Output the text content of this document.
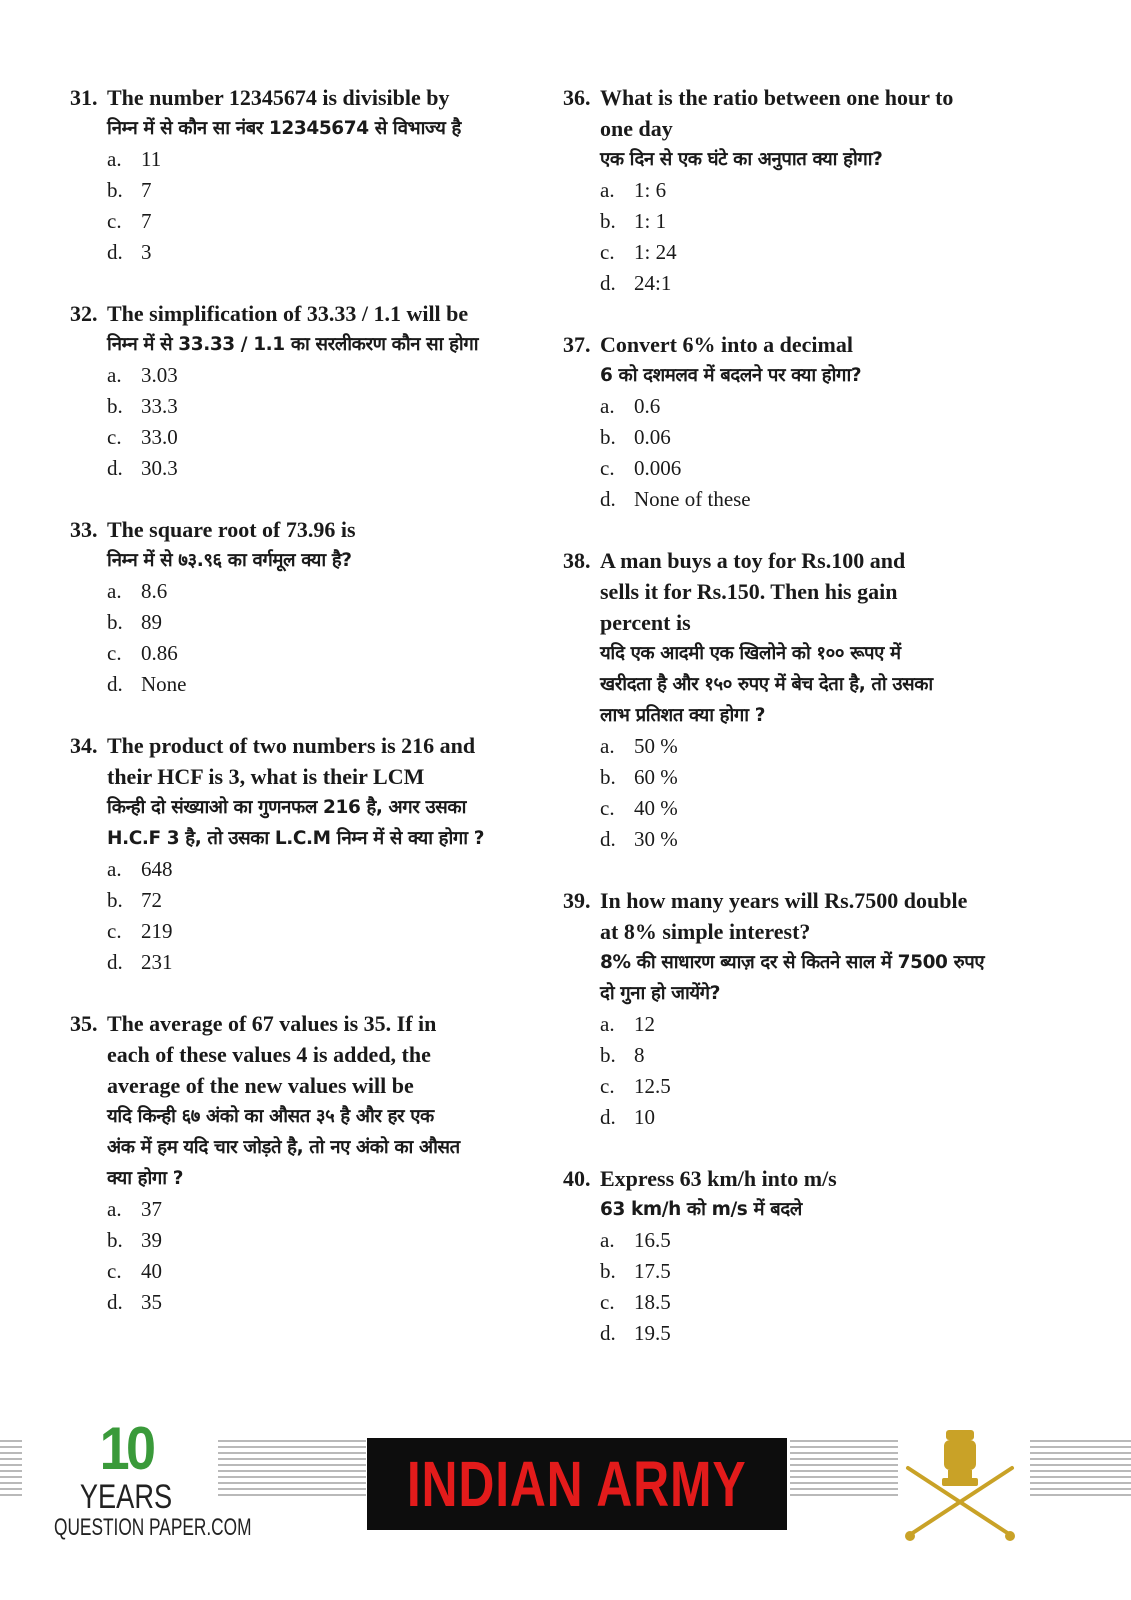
31. The number 12345674 is divisible by
निम्न में से कौन सा नंबर 12345674 से विभाज्य है
a. 11
b. 7
c. 7
d. 3
32. The simplification of 33.33 / 1.1 will be
निम्न में से 33.33 / 1.1 का सरलीकरण कौन सा होगा
a. 3.03
b. 33.3
c. 33.0
d. 30.3
33. The square root of 73.96 is
निम्न में से ७३.९६ का वर्गमूल क्या है?
a. 8.6
b. 89
c. 0.86
d. None
34. The product of two numbers is 216 and
their HCF is 3, what is their LCM
किन्ही दो संख्याओ का गुणनफल 216 है, अगर उसका
H.C.F 3 है, तो उसका L.C.M निम्न में से क्या होगा ?
a. 648
b. 72
c. 219
d. 231
35. The average of 67 values is 35. If in
each of these values 4 is added, the
average of the new values will be
यदि किन्ही ६७ अंको का औसत ३५ है और हर एक
अंक में हम यदि चार जोड़ते है, तो नए अंको का औसत
क्या होगा ?
a. 37
b. 39
c. 40
d. 35
36. What is the ratio between one hour to
one day
एक दिन से एक घंटे का अनुपात क्या होगा?
a. 1: 6
b. 1: 1
c. 1: 24
d. 24:1
37. Convert 6% into a decimal
6 को दशमलव में बदलने पर क्या होगा?
a. 0.6
b. 0.06
c. 0.006
d. None of these
38. A man buys a toy for Rs.100 and
sells it for Rs.150. Then his gain
percent is
यदि एक आदमी एक खिलोने को १०० रूपए में
खरीदता है और १५० रुपए में बेच देता है, तो उसका
लाभ प्रतिशत क्या होगा ?
a. 50 %
b. 60 %
c. 40 %
d. 30 %
39. In how many years will Rs.7500 double
at 8% simple interest?
8% की साधारण ब्याज़ दर से कितने साल में 7500 रुपए
दो गुना हो जायेंगे?
a. 12
b. 8
c. 12.5
d. 10
40. Express 63 km/h into m/s
63 km/h को m/s में बदले
a. 16.5
b. 17.5
c. 18.5
d. 19.5
10
YEARS
QUESTION PAPER.COM
INDIAN ARMY
